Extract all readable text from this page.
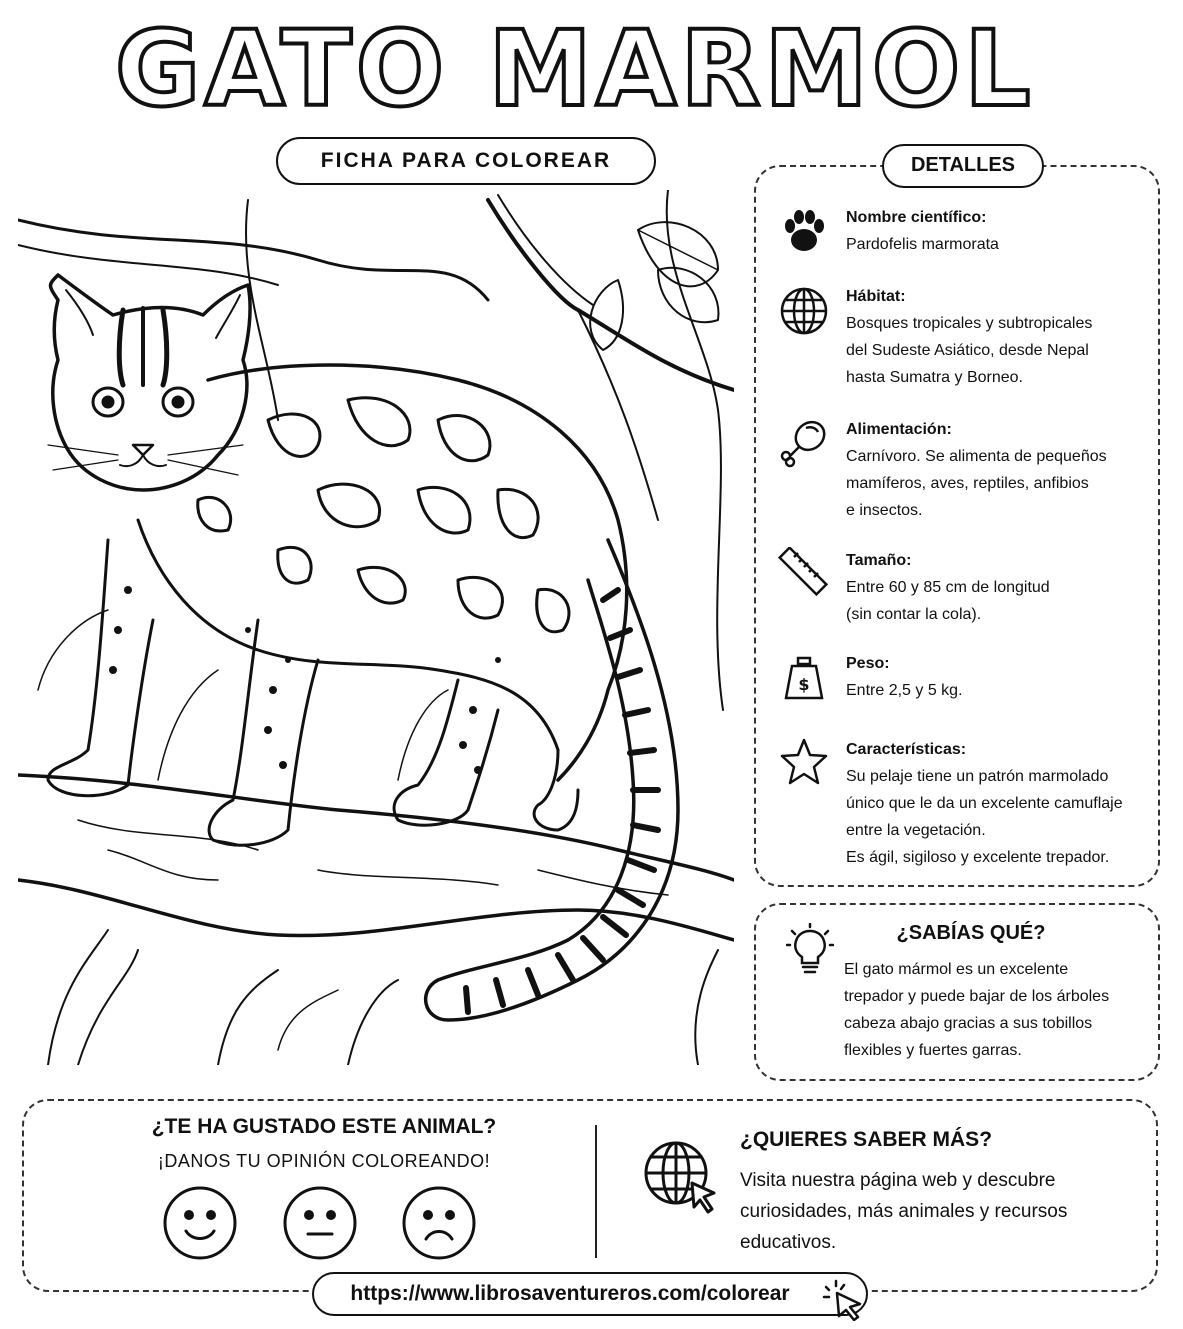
GATO MARMOL
FICHA PARA COLOREAR	DETALLES
Nombre científico:
Pardofelis marmorata
Hábitat:
Bosques tropicales y subtropicales
del Sudeste Asiático, desde Nepal
hasta Sumatra y Borneo.
Alimentación:
Carnívoro. Se alimenta de pequeños
mamíferos, aves, reptiles, anfibios
e insectos.
Tamaño:
Entre 60 y 85 cm de longitud
(sin contar la cola).
$
Peso:
Entre 2,5 y 5 kg.
Características:
Su pelaje tiene un patrón marmolado
único que le da un excelente camuflaje
entre la vegetación.
Es ágil, sigiloso y excelente trepador.
¿SABÍAS QUÉ?
El gato mármol es un excelente
trepador y puede bajar de los árboles
cabeza abajo gracias a sus tobillos
flexibles y fuertes garras.
¿TE HA GUSTADO ESTE ANIMAL?
¡DANOS TU OPINIÓN COLOREANDO!
¿QUIERES SABER MÁS?
Visita nuestra página web y descubre
curiosidades, más animales y recursos
educativos.
https://www.librosaventureros.com/colorear
